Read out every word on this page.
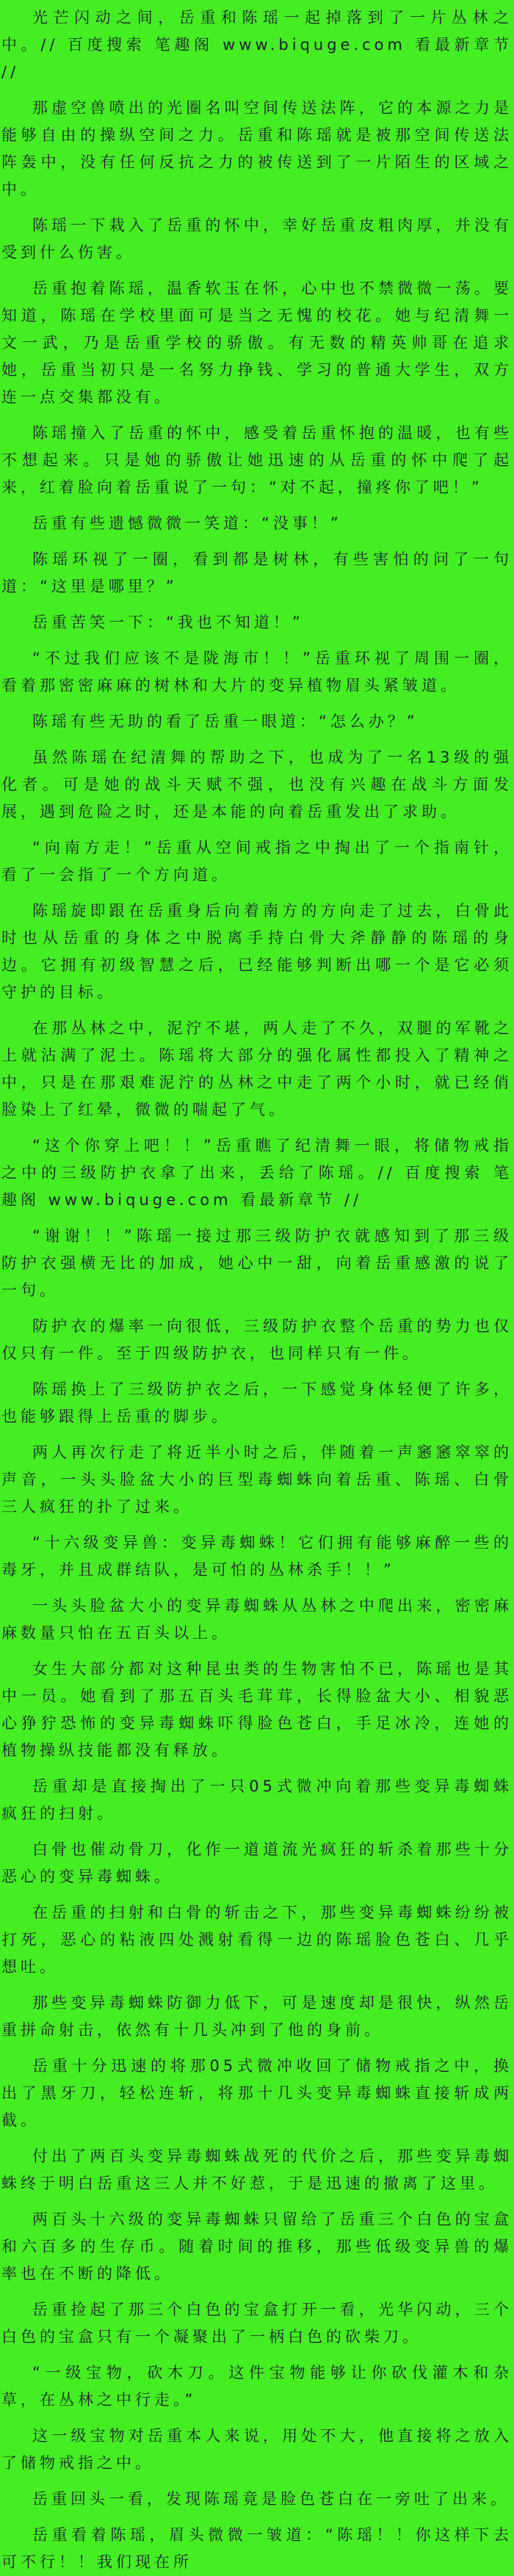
光芒闪动之间，岳重和陈瑶一起掉落到了一片丛林之中。// 百度搜索 笔趣阁 www.biquge.com 看最新章节 //

那虚空兽喷出的光圈名叫空间传送法阵，它的本源之力是能够自由的操纵空间之力。岳重和陈瑶就是被那空间传送法阵轰中，没有任何反抗之力的被传送到了一片陌生的区域之中。

陈瑶一下栽入了岳重的怀中，幸好岳重皮粗肉厚，并没有受到什么伤害。

岳重抱着陈瑶，温香软玉在怀，心中也不禁微微一荡。要知道，陈瑶在学校里面可是当之无愧的校花。她与纪清舞一文一武，乃是岳重学校的骄傲。有无数的精英帅哥在追求她，岳重当初只是一名努力挣钱、学习的普通大学生，双方连一点交集都没有。

陈瑶撞入了岳重的怀中，感受着岳重怀抱的温暖，也有些不想起来。只是她的骄傲让她迅速的从岳重的怀中爬了起来，红着脸向着岳重说了一句：“对不起，撞疼你了吧！”

岳重有些遗憾微微一笑道：“没事！”

陈瑶环视了一圈，看到都是树林，有些害怕的问了一句道：“这里是哪里？”

岳重苦笑一下：“我也不知道！”

“不过我们应该不是陇海市！！”岳重环视了周围一圈，看着那密密麻麻的树林和大片的变异植物眉头紧皱道。

陈瑶有些无助的看了岳重一眼道：“怎么办？”

虽然陈瑶在纪清舞的帮助之下，也成为了一名13级的强化者。可是她的战斗天赋不强，也没有兴趣在战斗方面发展，遇到危险之时，还是本能的向着岳重发出了求助。

“向南方走！”岳重从空间戒指之中掏出了一个指南针，看了一会指了一个方向道。

陈瑶旋即跟在岳重身后向着南方的方向走了过去，白骨此时也从岳重的身体之中脱离手持白骨大斧静静的陈瑶的身边。它拥有初级智慧之后，已经能够判断出哪一个是它必须守护的目标。

在那丛林之中，泥泞不堪，两人走了不久，双腿的军靴之上就沾满了泥土。陈瑶将大部分的强化属性都投入了精神之中，只是在那艰难泥泞的丛林之中走了两个小时，就已经俏脸染上了红晕，微微的喘起了气。

“这个你穿上吧！！”岳重瞧了纪清舞一眼，将储物戒指之中的三级防护衣拿了出来，丢给了陈瑶。// 百度搜索 笔趣阁 www.biquge.com 看最新章节 //

“谢谢！！”陈瑶一接过那三级防护衣就感知到了那三级防护衣强横无比的加成，她心中一甜，向着岳重感激的说了一句。

防护衣的爆率一向很低，三级防护衣整个岳重的势力也仅仅只有一件。至于四级防护衣，也同样只有一件。

陈瑶换上了三级防护衣之后，一下感觉身体轻便了许多，也能够跟得上岳重的脚步。

两人再次行走了将近半小时之后，伴随着一声窸窸窣窣的声音，一头头脸盆大小的巨型毒蜘蛛向着岳重、陈瑶、白骨三人疯狂的扑了过来。

“十六级变异兽：变异毒蜘蛛！它们拥有能够麻醉一些的毒牙，并且成群结队，是可怕的丛林杀手！！”

一头头脸盆大小的变异毒蜘蛛从丛林之中爬出来，密密麻麻数量只怕在五百头以上。

女生大部分都对这种昆虫类的生物害怕不已，陈瑶也是其中一员。她看到了那五百头毛茸茸，长得脸盆大小、相貌恶心狰狞恐怖的变异毒蜘蛛吓得脸色苍白，手足冰冷，连她的植物操纵技能都没有释放。

岳重却是直接掏出了一只05式微冲向着那些变异毒蜘蛛疯狂的扫射。

白骨也催动骨刀，化作一道道流光疯狂的斩杀着那些十分恶心的变异毒蜘蛛。

在岳重的扫射和白骨的斩击之下，那些变异毒蜘蛛纷纷被打死，恶心的粘液四处溅射看得一边的陈瑶脸色苍白、几乎想吐。

那些变异毒蜘蛛防御力低下，可是速度却是很快，纵然岳重拼命射击，依然有十几头冲到了他的身前。

岳重十分迅速的将那05式微冲收回了储物戒指之中，换出了黑牙刀，轻松连斩，将那十几头变异毒蜘蛛直接斩成两截。

付出了两百头变异毒蜘蛛战死的代价之后，那些变异毒蜘蛛终于明白岳重这三人并不好惹，于是迅速的撤离了这里。

两百头十六级的变异毒蜘蛛只留给了岳重三个白色的宝盒和六百多的生存币。随着时间的推移，那些低级变异兽的爆率也在不断的降低。

岳重捡起了那三个白色的宝盒打开一看，光华闪动，三个白色的宝盒只有一个凝聚出了一柄白色的砍柴刀。

“一级宝物，砍木刀。这件宝物能够让你砍伐灌木和杂草，在丛林之中行走。”

这一级宝物对岳重本人来说，用处不大，他直接将之放入了储物戒指之中。

岳重回头一看，发现陈瑶竟是脸色苍白在一旁吐了出来。

岳重看着陈瑶，眉头微微一皱道：“陈瑶！！你这样下去可不行！！我们现在所
